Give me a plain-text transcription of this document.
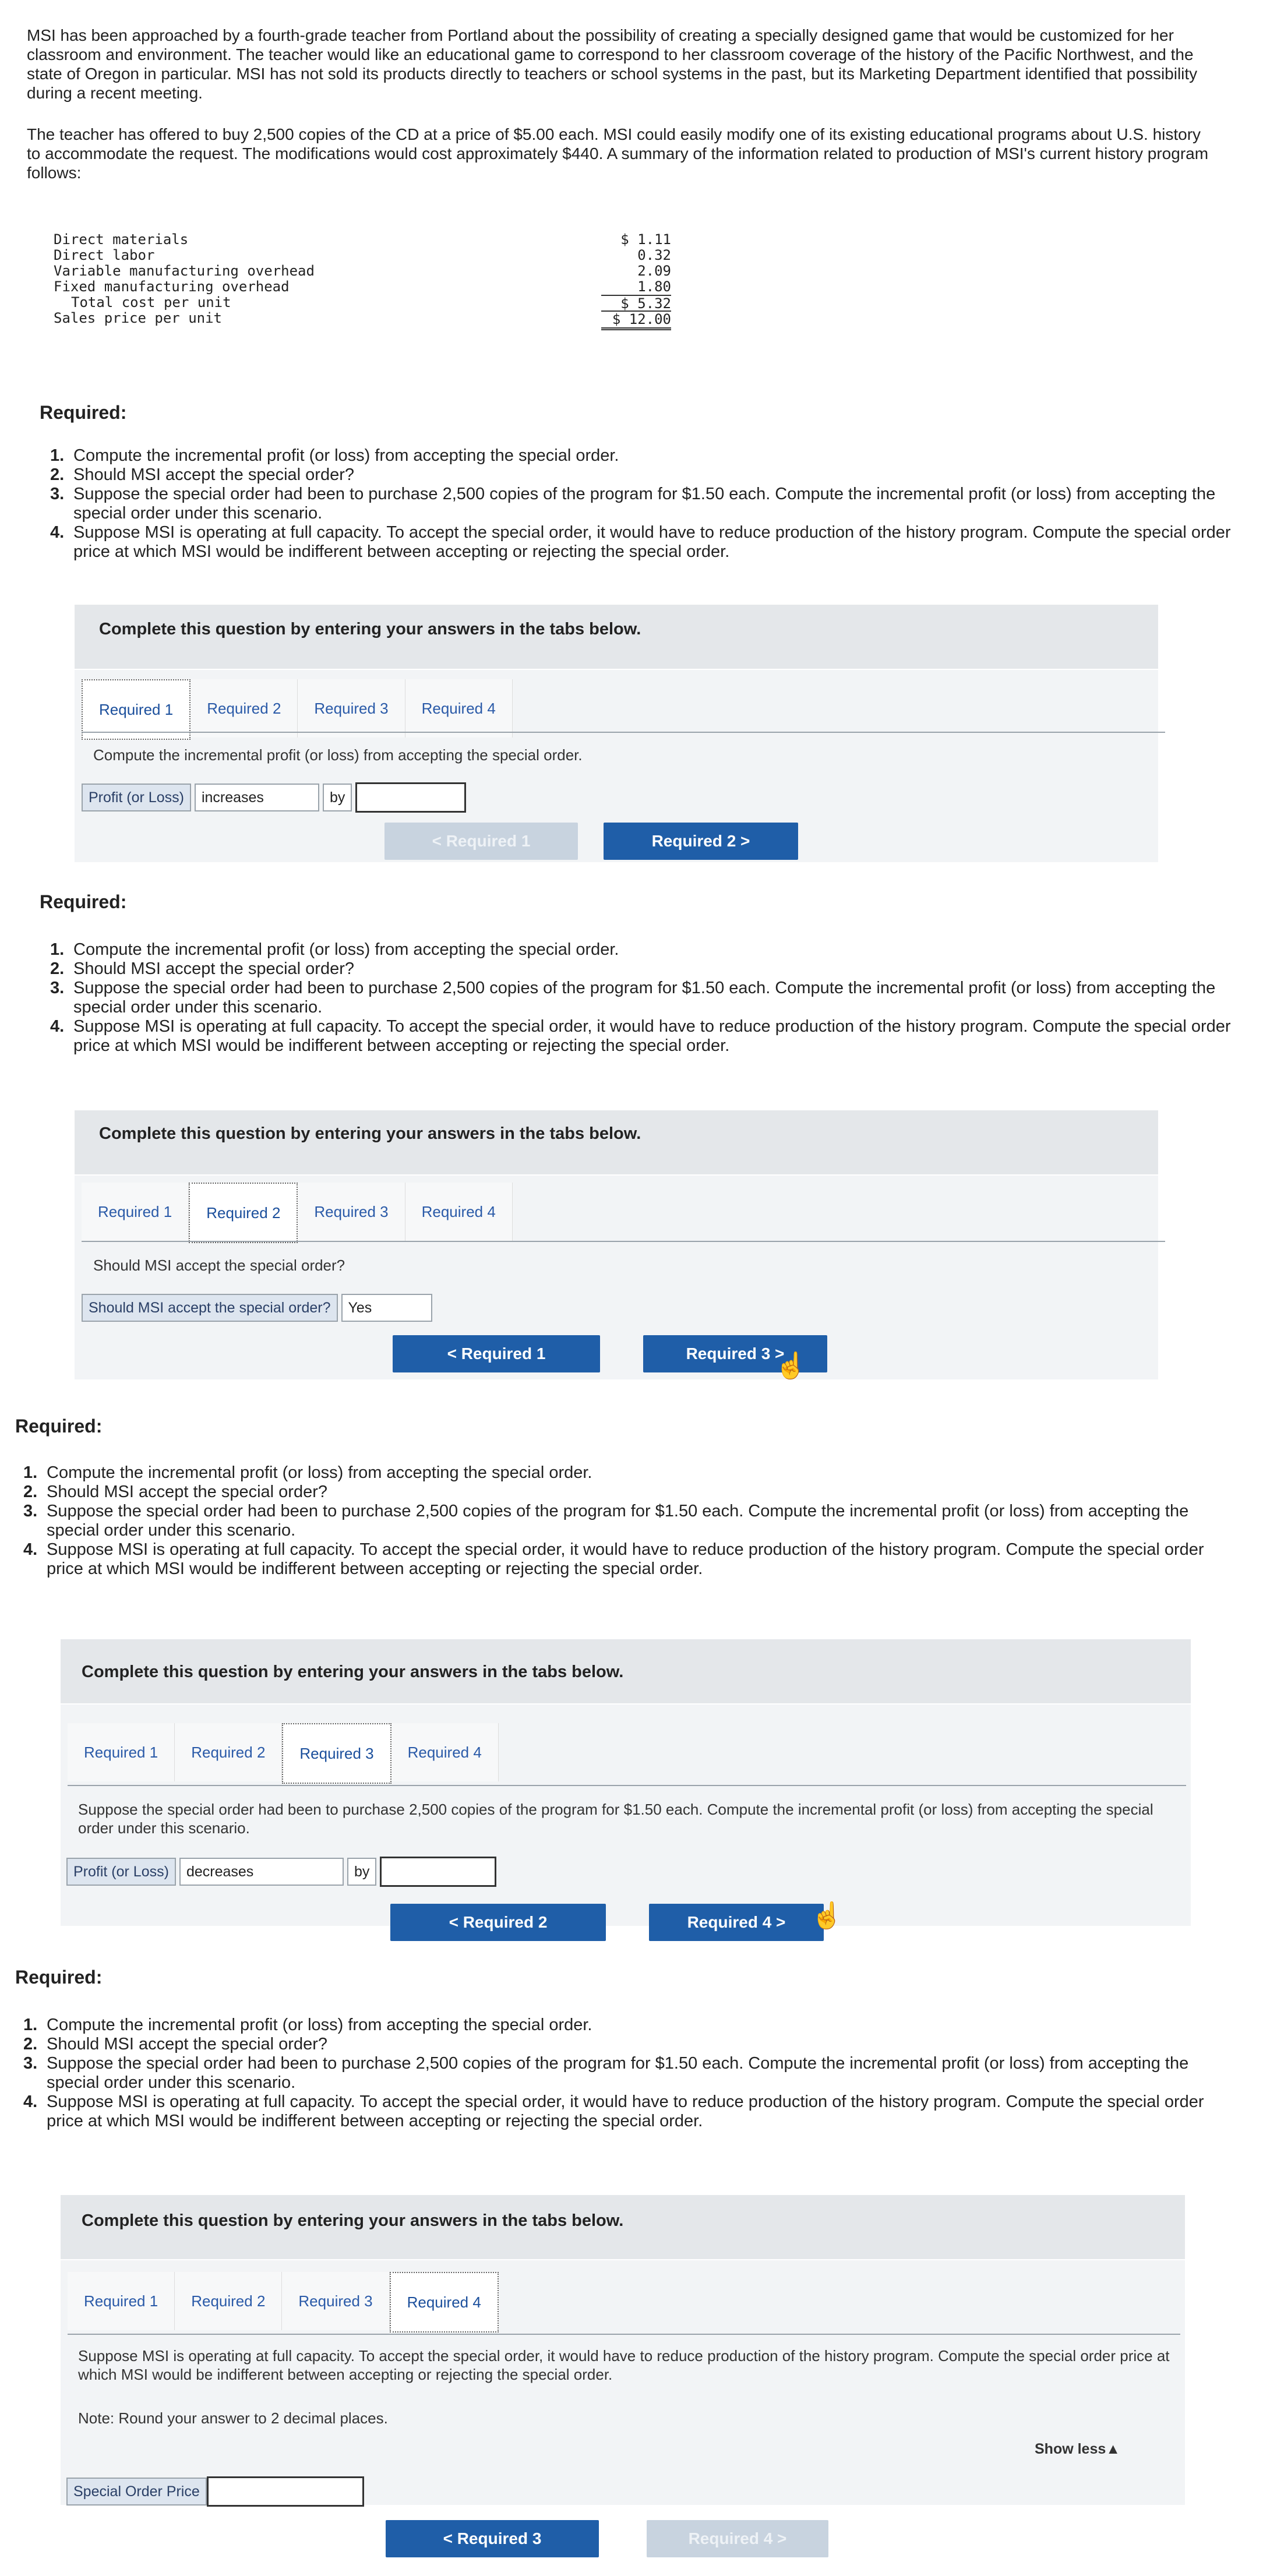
MSI has been approached by a fourth-grade teacher from Portland about the possibility of creating a specially designed game that would be customized for her classroom and environment. The teacher would like an educational game to correspond to her classroom coverage of the history of the Pacific Northwest, and the state of Oregon in particular. MSI has not sold its products directly to teachers or school systems in the past, but its Marketing Department identified that possibility during a recent meeting.

The teacher has offered to buy 2,500 copies of the CD at a price of $5.00 each. MSI could easily modify one of its existing educational programs about U.S. history to accommodate the request. The modifications would cost approximately $440. A summary of the information related to production of MSI's current history program follows:

Direct materials	$ 1.11
Direct labor	0.32
Variable manufacturing overhead	2.09
Fixed manufacturing overhead	1.80
Total cost per unit	$ 5.32
Sales price per unit	$ 12.00
Required:
1. Compute the incremental profit (or loss) from accepting the special order.
2. Should MSI accept the special order?
3. Suppose the special order had been to purchase 2,500 copies of the program for $1.50 each. Compute the incremental profit (or loss) from accepting the special order under this scenario.
4. Suppose MSI is operating at full capacity. To accept the special order, it would have to reduce production of the history program. Compute the special order price at which MSI would be indifferent between accepting or rejecting the special order.
Complete this question by entering your answers in the tabs below.
Required 1	Required 2	Required 3	Required 4
Compute the incremental profit (or loss) from accepting the special order.
Profit (or Loss)	increases	by
< Required 1	Required 2 >
Required:
1. Compute the incremental profit (or loss) from accepting the special order.
2. Should MSI accept the special order?
3. Suppose the special order had been to purchase 2,500 copies of the program for $1.50 each. Compute the incremental profit (or loss) from accepting the special order under this scenario.
4. Suppose MSI is operating at full capacity. To accept the special order, it would have to reduce production of the history program. Compute the special order price at which MSI would be indifferent between accepting or rejecting the special order.
Complete this question by entering your answers in the tabs below.
Required 1	Required 2	Required 3	Required 4
Should MSI accept the special order?
Should MSI accept the special order?	Yes
< Required 1	Required 3 >
☝
Required:
1. Compute the incremental profit (or loss) from accepting the special order.
2. Should MSI accept the special order?
3. Suppose the special order had been to purchase 2,500 copies of the program for $1.50 each. Compute the incremental profit (or loss) from accepting the special order under this scenario.
4. Suppose MSI is operating at full capacity. To accept the special order, it would have to reduce production of the history program. Compute the special order price at which MSI would be indifferent between accepting or rejecting the special order.
Complete this question by entering your answers in the tabs below.
Required 1	Required 2	Required 3	Required 4
Suppose the special order had been to purchase 2,500 copies of the program for $1.50 each. Compute the incremental profit (or loss) from accepting the special order under this scenario.
Profit (or Loss)	decreases	by
< Required 2	Required 4 > ☝
Required:
1. Compute the incremental profit (or loss) from accepting the special order.
2. Should MSI accept the special order?
3. Suppose the special order had been to purchase 2,500 copies of the program for $1.50 each. Compute the incremental profit (or loss) from accepting the special order under this scenario.
4. Suppose MSI is operating at full capacity. To accept the special order, it would have to reduce production of the history program. Compute the special order price at which MSI would be indifferent between accepting or rejecting the special order.
Complete this question by entering your answers in the tabs below.
Required 1	Required 2	Required 3	Required 4
Suppose MSI is operating at full capacity. To accept the special order, it would have to reduce production of the history program. Compute the special order price at which MSI would be indifferent between accepting or rejecting the special order.
Note: Round your answer to 2 decimal places.
Show less▲
Special Order Price
< Required 3	Required 4 >
